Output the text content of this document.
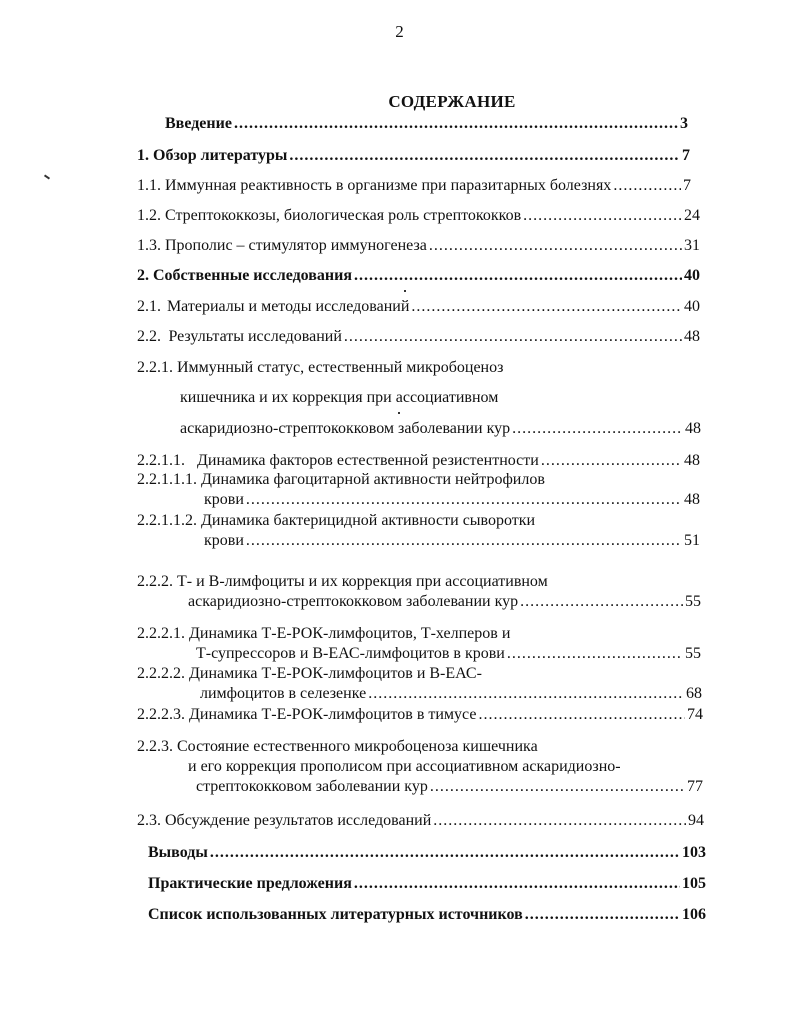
2
СОДЕРЖАНИЕ
Введение .....	3
1. Обзор литературы .....	7
1.1. Иммунная реактивность в организме при паразитарных болезнях .....	7
1.2. Стрептококкозы, биологическая роль стрептококков .....	24
1.3. Прополис – стимулятор иммуногенеза .....	31
2. Собственные исследования .....	40
2.1. Материалы и методы исследований .....	40
2.2. Результаты исследований .....	48
2.2.1. Иммунный статус, естественный микробоценоз
кишечника и их коррекция при ассоциативном
аскаридиозно-стрептококковом заболевании кур .....	48
2.2.1.1.   Динамика факторов естественной резистентности .....	48
2.2.1.1.1. Динамика фагоцитарной активности нейтрофилов
крови .....	48
2.2.1.1.2. Динамика бактерицидной активности сыворотки
крови .....	51
2.2.2. Т- и В-лимфоциты и их коррекция при ассоциативном
аскаридиозно-стрептококковом заболевании кур .....	55
2.2.2.1. Динамика Т-Е-РОК-лимфоцитов, Т-хелперов и
Т-супрессоров и В-ЕАС-лимфоцитов в крови .....	55
2.2.2.2. Динамика Т-Е-РОК-лимфоцитов и В-ЕАС-
лимфоцитов в селезенке .....	68
2.2.2.3. Динамика Т-Е-РОК-лимфоцитов в тимусе .....	74
2.2.3. Состояние естественного микробоценоза кишечника
и его коррекция прополисом при ассоциативном аскаридиозно-
стрептококковом заболевании кур .....	77
2.3. Обсуждение результатов исследований .....	94
Выводы .....	103
Практические предложения .....	105
Список использованных литературных источников .....	106
